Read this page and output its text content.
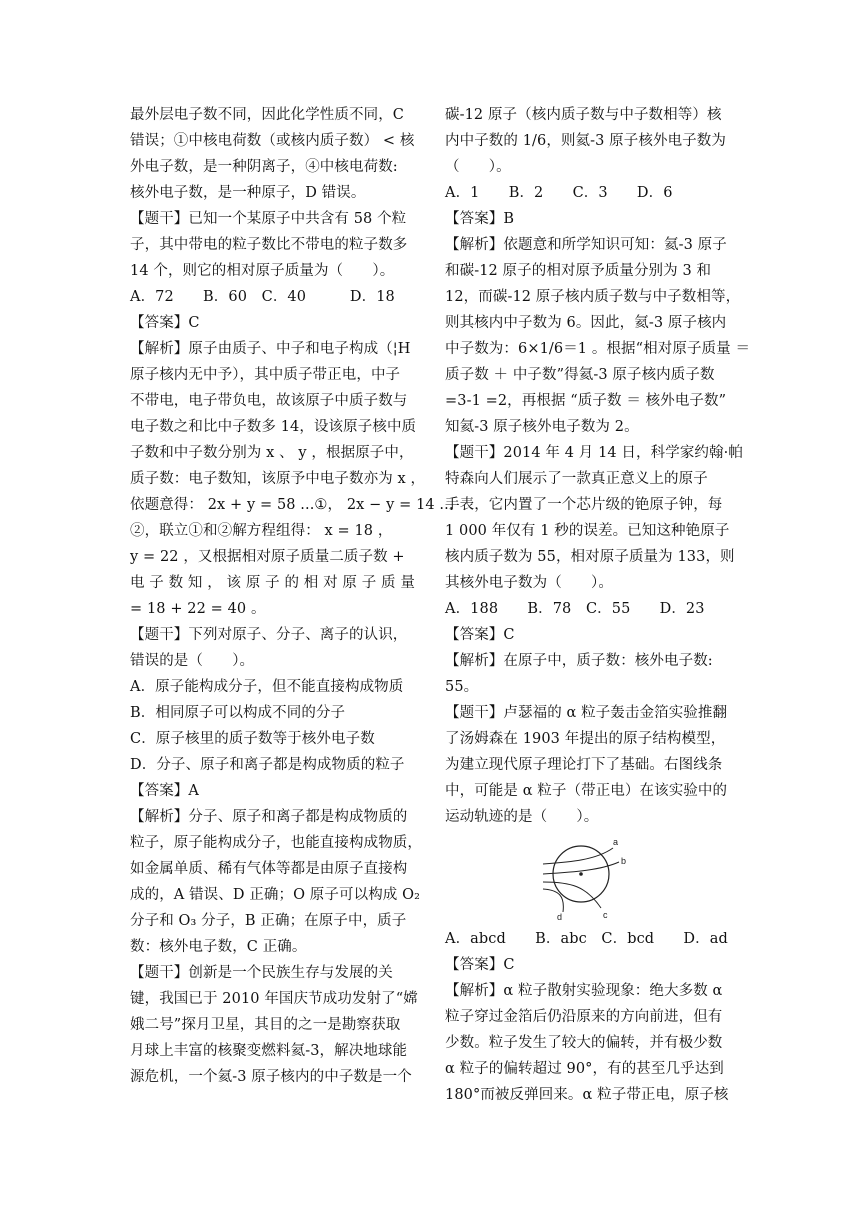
最外层电子数不同，因此化学性质不同，C
错误；①中核电荷数（或核内质子数） < 核
外电子数，是一种阴离子，④中核电荷数:
核外电子数，是一种原子，D 错误。
【题干】已知一个某原子中共含有 58 个粒
子，其中带电的粒子数比不带电的粒子数多
14 个，则它的相对原子质量为（　　）。
A．72　　B．60　C．40　　　D．18
【答案】C
【解析】原子由质子、中子和电子构成（¦H
原子核内无中予），其中质子带正电，中子
不带电，电子带负电，故该原子中质子数与
电子数之和比中子数多 14，设该原子核中质
子数和中子数分别为 x 、 y ，根据原子中，
质子数：电子数知，该原予中电子数亦为 x ，
依题意得： 2x + y = 58 ...①， 2x − y = 14 ...
②，联立①和②解方程组得： x = 18 ，
y = 22 ，又根据相对原子质量二质子数 +
电 子 数 知 ， 该 原 子 的 相 对 原 子 质 量
= 18 + 22 = 40 。
【题干】下列对原子、分子、离子的认识，
错误的是（　　）。
A．原子能构成分子，但不能直接构成物质
B．相同原子可以构成不同的分子
C．原子核里的质子数等于核外电子数
D．分子、原子和离子都是构成物质的粒子
【答案】A
【解析】分子、原子和离子都是构成物质的
粒子，原子能构成分子，也能直接构成物质，
如金属单质、稀有气体等都是由原子直接构
成的，A 错误、D 正确；O 原子可以构成 O₂
分子和 O₃ 分子，B 正确；在原子中，质子
数：核外电子数，C 正确。
【题干】创新是一个民族生存与发展的关
键，我国已于 2010 年国庆节成功发射了“嫦
娥二号”探月卫星，其目的之一是勘察获取
月球上丰富的核聚变燃料氦-3，解决地球能
源危机，一个氦-3 原子核内的中子数是一个
碳-12 原子（核内质子数与中子数相等）核
内中子数的 1/6，则氦-3 原子核外电子数为
（　　）。
A．1　　B．2　　C．3　　D．6
【答案】B
【解析】依题意和所学知识可知：氦-3 原子
和碳-12 原子的相对原予质量分别为 3 和
12，而碳-12 原子核内质子数与中子数相等，
则其核内中子数为 6。因此，氦-3 原子核内
中子数为：6×1/6＝1 。根据“相对原子质量 ＝
质子数 ＋ 中子数”得氦-3 原子核内质子数
=3-1 =2，再根据 “质子数 ＝ 核外电子数”
知氦-3 原子核外电子数为 2。
【题干】2014 年 4 月 14 日，科学家约翰·帕
特森向人们展示了一款真正意义上的原子
手表，它内置了一个芯片级的铯原子钟，每
1 000 年仅有 1 秒的误差。已知这种铯原子
核内质子数为 55，相对原子质量为 133，则
其核外电子数为（　　）。
A．188　　B．78　C．55　　D．23
【答案】C
【解析】在原子中，质子数：核外电子数:
55。
【题干】卢瑟福的 α 粒子轰击金箔实验推翻
了汤姆森在 1903 年提出的原子结构模型，
为建立现代原子理论打下了基础。右图线条
中，可能是 α 粒子（带正电）在该实验中的
运动轨迹的是（　　）。
a
b
c
d
A．abcd　　B．abc　C．bcd　　D．ad
【答案】C
【解析】α 粒子散射实验现象：绝大多数 α
粒子穿过金箔后仍沿原来的方向前进，但有
少数。粒子发生了较大的偏转，并有极少数
α 粒子的偏转超过 90°，有的甚至几乎达到
180°而被反弹回来。α 粒子带正电，原子核
